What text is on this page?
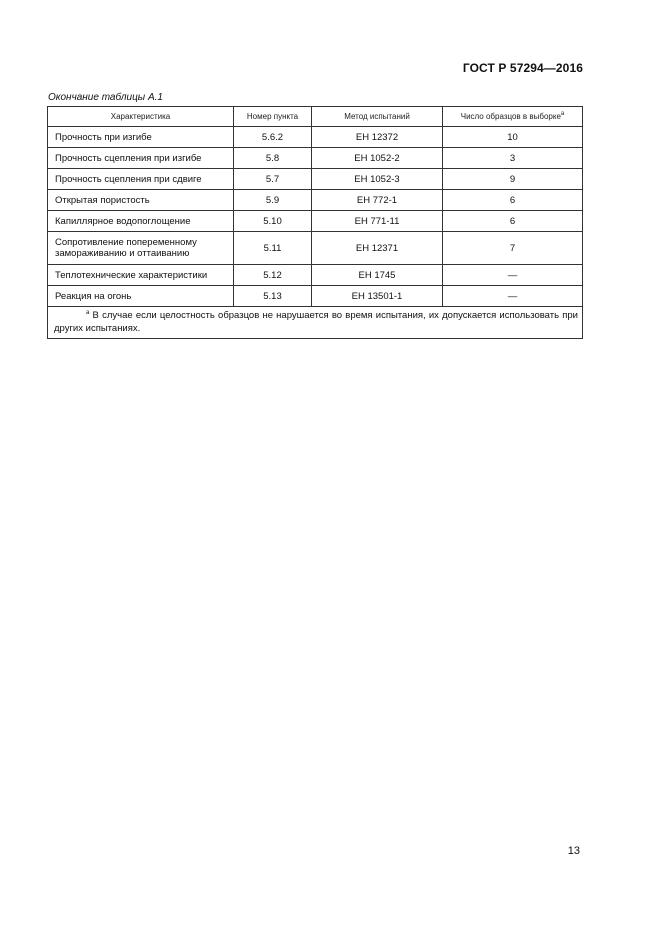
ГОСТ Р 57294—2016
Окончание таблицы А.1
Характеристика	Номер пункта	Метод испытаний	Число образцов в выборке$^a$
Прочность при изгибе	5.6.2	ЕН 12372	10
Прочность сцепления при изгибе	5.8	ЕН 1052-2	3
Прочность сцепления при сдвиге	5.7	ЕН 1052-3	9
Открытая пористость	5.9	ЕН 772-1	6
Капиллярное водопоглощение	5.10	ЕН 771-11	6
Сопротивление попеременному замораживанию и оттаиванию	5.11	ЕН 12371	7
Теплотехнические характеристики	5.12	ЕН 1745	—
Реакция на огонь	5.13	ЕН 13501-1	—
$^a$ В случае если целостность образцов не нарушается во время испытания, их допускается использовать при других испытаниях.			
13
